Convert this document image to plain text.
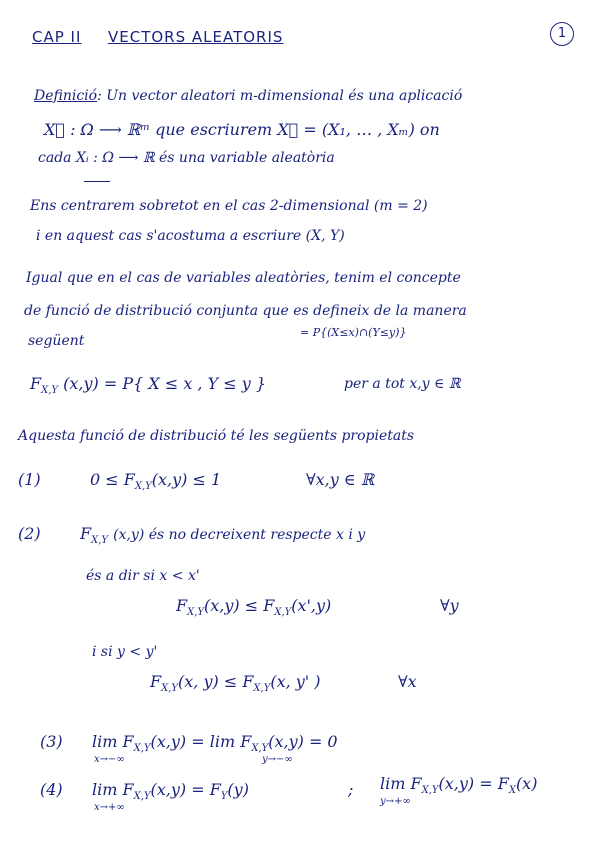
CAP II VECTORS ALEATORIS	1
Definició: Un vector aleatori m-dimensional és una aplicació
X⃗ : Ω ⟶ ℝᵐ que escriurem X⃗ = (X₁, … , Xₘ) on
cada Xᵢ : Ω ⟶ ℝ és una variable aleatòria
Ens centrarem sobretot en el cas 2-dimensional (m = 2)
i en aquest cas s'acostuma a escriure (X, Y)
Igual que en el cas de variables aleatòries, tenim el concepte
de funció de distribució conjunta que es defineix de la manera
següent
= P{(X≤x)∩(Y≤y)}
$F_{X,Y}$ (x,y) = P{ X ≤ x , Y ≤ y }	per a tot x,y ∈ ℝ
Aquesta funció de distribució té les següents propietats
(1)	$0 \le F_{X,Y}(x,y) \le 1$	∀x,y ∈ ℝ
(2) $F_{X,Y}$ (x,y) és no decreixent respecte x i y
és a dir si x < x'
$F_{X,Y}(x,y) \le F_{X,Y}(x',y)$	∀y
i si y < y'
$F_{X,Y}(x$, $y) \le F_{X,Y}(x$, y' )	∀x
(3) $\lim F_{X,Y}(x,y) = \lim F_{X,Y}(x,y) = 0$
x→−∞	y→−∞
(4) $\lim F_{X,Y}(x,y) = F_Y(y)$	; $\lim F_{X,Y}(x,y) = F_X(x)$
x→+∞
y→+∞
